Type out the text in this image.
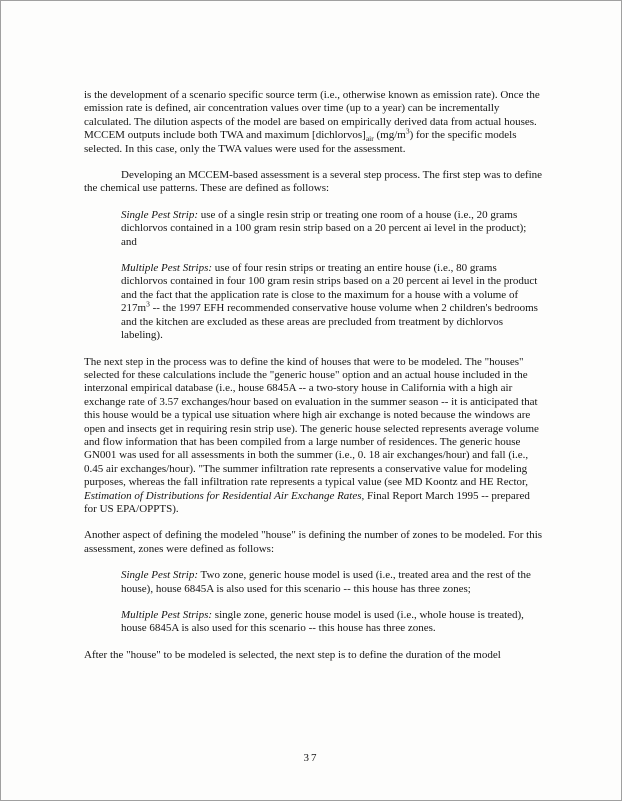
is the development of a scenario specific source term (i.e., otherwise known as emission rate). Once the emission rate is defined, air concentration values over time (up to a year) can be incrementally calculated. The dilution aspects of the model are based on empirically derived data from actual houses. MCCEM outputs include both TWA and maximum $[dichlorvos]_{air}$ $(mg/m^3)$ for the specific models selected. In this case, only the TWA values were used for the assessment.

Developing an MCCEM-based assessment is a several step process. The first step was to define the chemical use patterns. These are defined as follows:

Single Pest Strip: use of a single resin strip or treating one room of a house (i.e., 20 grams dichlorvos contained in a 100 gram resin strip based on a 20 percent ai level in the product); and

Multiple Pest Strips: use of four resin strips or treating an entire house (i.e., 80 grams dichlorvos contained in four 100 gram resin strips based on a 20 percent ai level in the product and the fact that the application rate is close to the maximum for a house with a volume of $217m^3$ -- the 1997 EFH recommended conservative house volume when 2 children's bedrooms and the kitchen are excluded as these areas are precluded from treatment by dichlorvos labeling).

The next step in the process was to define the kind of houses that were to be modeled. The "houses" selected for these calculations include the "generic house" option and an actual house included in the interzonal empirical database (i.e., house 6845A -- a two-story house in California with a high air exchange rate of 3.57 exchanges/hour based on evaluation in the summer season -- it is anticipated that this house would be a typical use situation where high air exchange is noted because the windows are open and insects get in requiring resin strip use). The generic house selected represents average volume and flow information that has been compiled from a large number of residences. The generic house GN001 was used for all assessments in both the summer (i.e., 0. 18 air exchanges/hour) and fall (i.e., 0.45 air exchanges/hour). "The summer infiltration rate represents a conservative value for modeling purposes, whereas the fall infiltration rate represents a typical value (see MD Koontz and HE Rector, Estimation of Distributions for Residential Air Exchange Rates, Final Report March 1995 -- prepared for US EPA/OPPTS).

Another aspect of defining the modeled "house" is defining the number of zones to be modeled. For this assessment, zones were defined as follows:

Single Pest Strip: Two zone, generic house model is used (i.e., treated area and the rest of the house), house 6845A is also used for this scenario -- this house has three zones;

Multiple Pest Strips: single zone, generic house model is used (i.e., whole house is treated), house 6845A is also used for this scenario -- this house has three zones.

After the "house" to be modeled is selected, the next step is to define the duration of the model

37
